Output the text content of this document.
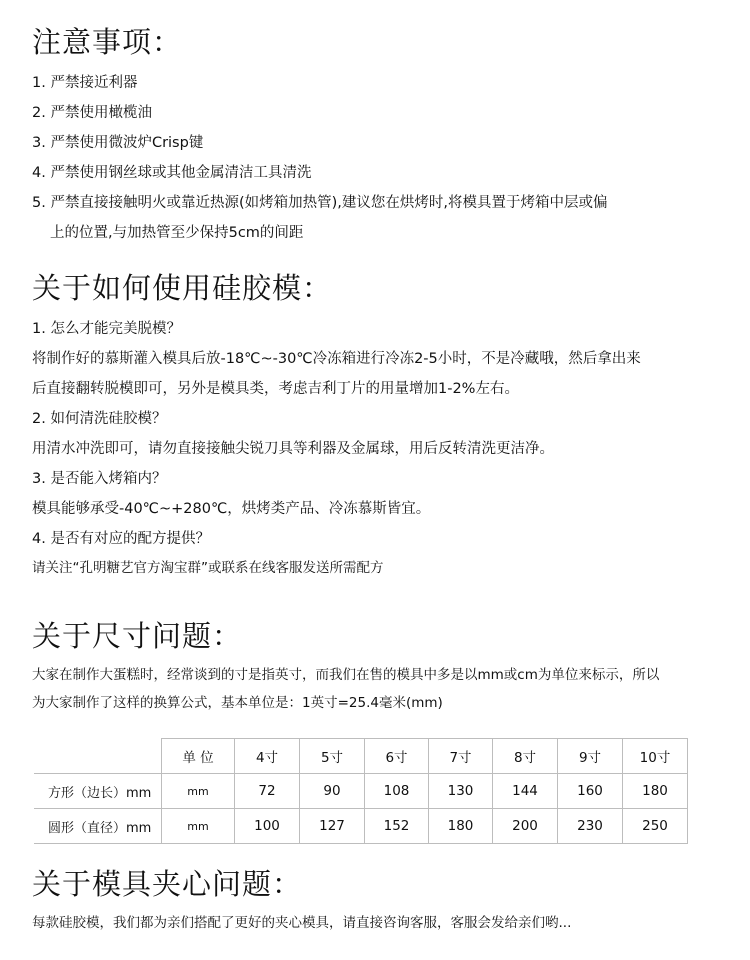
注意事项：
1. 严禁接近利器
2. 严禁使用橄榄油
3. 严禁使用微波炉Crisp键
4. 严禁使用钢丝球或其他金属清洁工具清洗
5. 严禁直接接触明火或靠近热源(如烤箱加热管),建议您在烘烤时,将模具置于烤箱中层或偏
上的位置,与加热管至少保持5cm的间距
关于如何使用硅胶模：
1. 怎么才能完美脱模？
将制作好的慕斯灌入模具后放-18℃~-30℃冷冻箱进行冷冻2-5小时，不是冷藏哦，然后拿出来
后直接翻转脱模即可，另外是模具类，考虑吉利丁片的用量增加1-2%左右。
2. 如何清洗硅胶模？
用清水冲洗即可，请勿直接接触尖锐刀具等利器及金属球，用后反转清洗更洁净。
3. 是否能入烤箱内？
模具能够承受-40℃~+280℃，烘烤类产品、冷冻慕斯皆宜。
4. 是否有对应的配方提供？
请关注“孔明糖艺官方淘宝群”或联系在线客服发送所需配方
关于尺寸问题：
大家在制作大蛋糕时，经常谈到的寸是指英寸，而我们在售的模具中多是以mm或cm为单位来标示，所以
为大家制作了这样的换算公式，基本单位是：1英寸=25.4毫米(mm)
	单 位	4寸	5寸	6寸	7寸	8寸	9寸	10寸
方形（边长）mm	mm	72	90	108	130	144	160	180
圆形（直径）mm	mm	100	127	152	180	200	230	250
关于模具夹心问题：
每款硅胶模，我们都为亲们搭配了更好的夹心模具，请直接咨询客服，客服会发给亲们哟...
